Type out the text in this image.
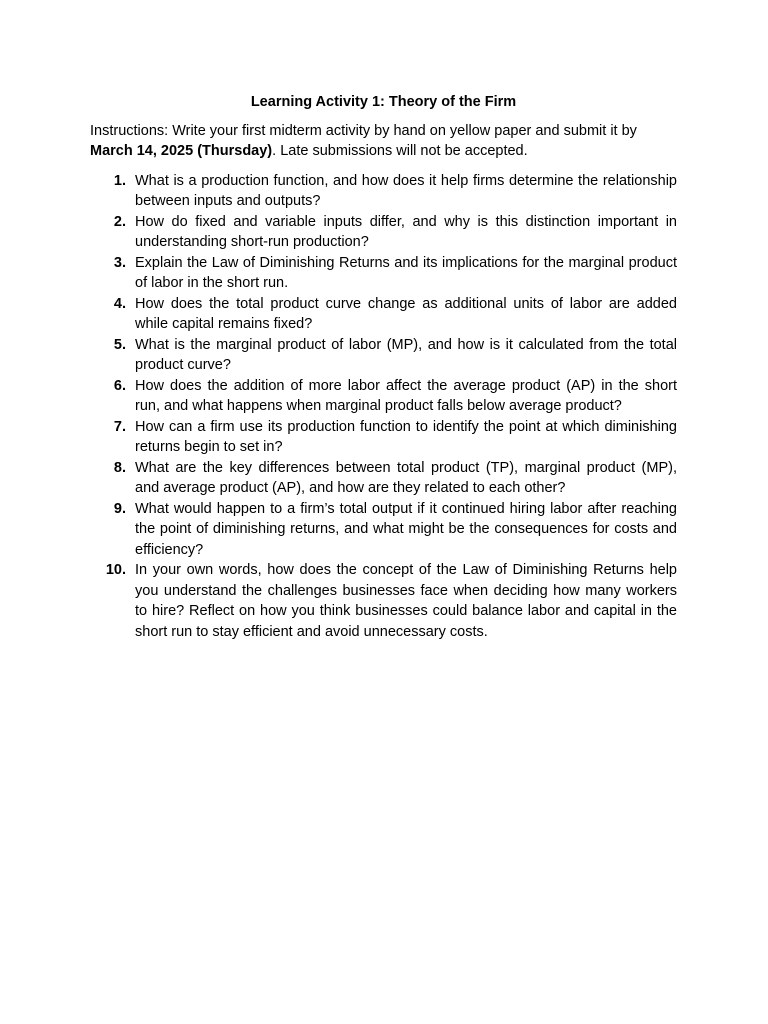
Learning Activity 1: Theory of the Firm

Instructions: Write your first midterm activity by hand on yellow paper and submit it by March 14, 2025 (Thursday). Late submissions will not be accepted.

1. What is a production function, and how does it help firms determine the relationship between inputs and outputs?
2. How do fixed and variable inputs differ, and why is this distinction important in understanding short-run production?
3. Explain the Law of Diminishing Returns and its implications for the marginal product of labor in the short run.
4. How does the total product curve change as additional units of labor are added while capital remains fixed?
5. What is the marginal product of labor (MP), and how is it calculated from the total product curve?
6. How does the addition of more labor affect the average product (AP) in the short run, and what happens when marginal product falls below average product?
7. How can a firm use its production function to identify the point at which diminishing returns begin to set in?
8. What are the key differences between total product (TP), marginal product (MP), and average product (AP), and how are they related to each other?
9. What would happen to a firm’s total output if it continued hiring labor after reaching the point of diminishing returns, and what might be the consequences for costs and efficiency?
10. In your own words, how does the concept of the Law of Diminishing Returns help you understand the challenges businesses face when deciding how many workers to hire? Reflect on how you think businesses could balance labor and capital in the short run to stay efficient and avoid unnecessary costs.
